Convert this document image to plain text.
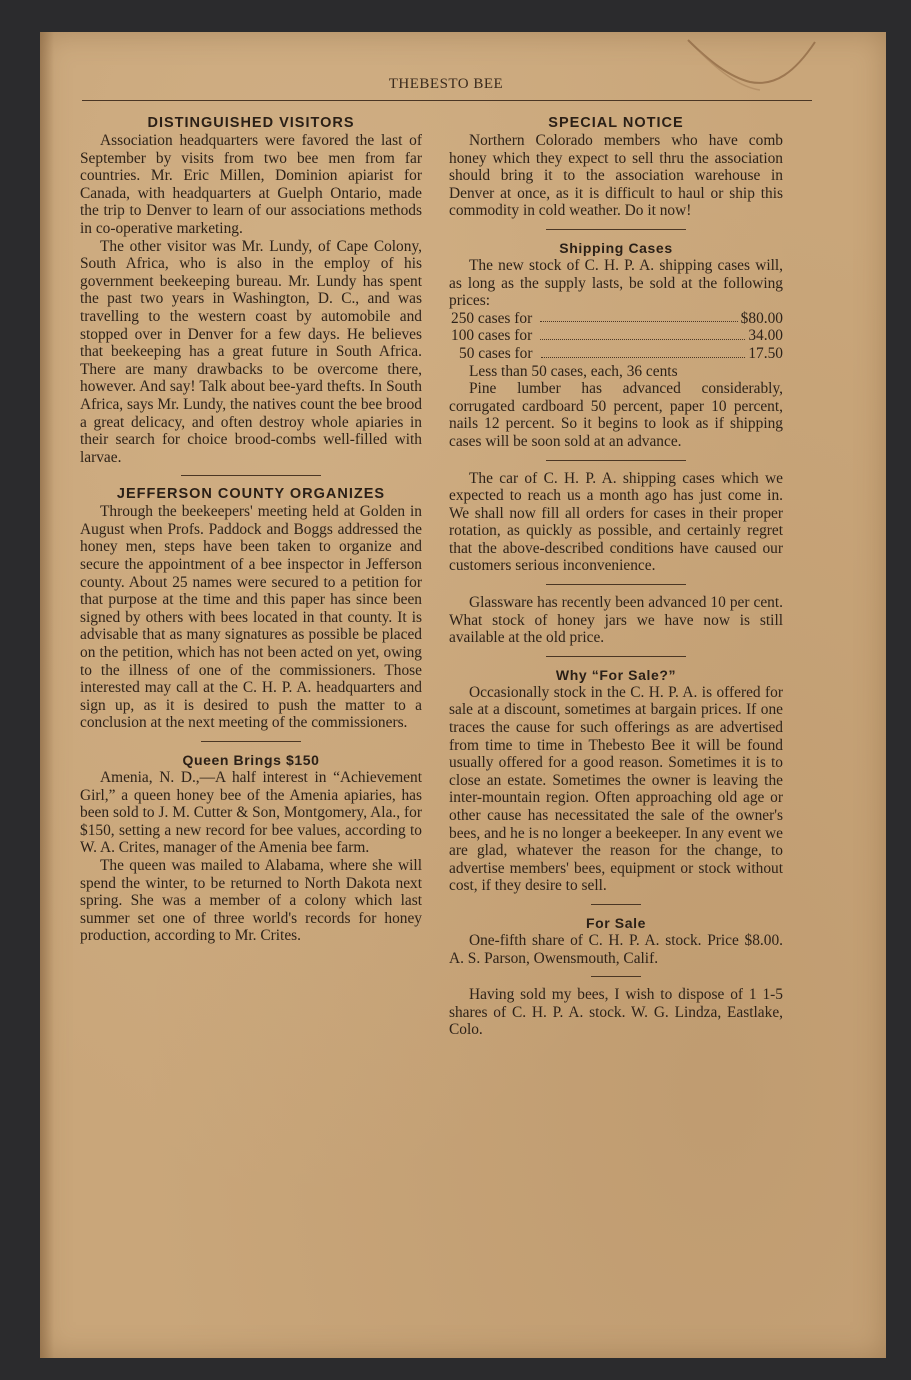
THEBESTO BEE
DISTINGUISHED VISITORS

Association headquarters were favored the last of September by visits from two bee men from far countries. Mr. Eric Millen, Dominion apiarist for Canada, with headquarters at Guelph Ontario, made the trip to Denver to learn of our associations methods in co-operative marketing.

The other visitor was Mr. Lundy, of Cape Colony, South Africa, who is also in the employ of his government beekeeping bureau. Mr. Lundy has spent the past two years in Washington, D. C., and was travelling to the western coast by automobile and stopped over in Denver for a few days. He believes that beekeeping has a great future in South Africa. There are many drawbacks to be overcome there, however. And say! Talk about bee-yard thefts. In South Africa, says Mr. Lundy, the natives count the bee brood a great delicacy, and often destroy whole apiaries in their search for choice brood-combs well-filled with larvae.

JEFFERSON COUNTY ORGANIZES

Through the beekeepers' meeting held at Golden in August when Profs. Paddock and Boggs addressed the honey men, steps have been taken to organize and secure the appointment of a bee inspector in Jefferson county. About 25 names were secured to a petition for that purpose at the time and this paper has since been signed by others with bees located in that county. It is advisable that as many signatures as possible be placed on the petition, which has not been acted on yet, owing to the illness of one of the commissioners. Those interested may call at the C. H. P. A. headquarters and sign up, as it is desired to push the matter to a conclusion at the next meeting of the commissioners.

Queen Brings $150

Amenia, N. D.,—A half interest in “Achievement Girl,” a queen honey bee of the Amenia apiaries, has been sold to J. M. Cutter & Son, Montgomery, Ala., for $150, setting a new record for bee values, according to W. A. Crites, manager of the Amenia bee farm.

The queen was mailed to Alabama, where she will spend the winter, to be returned to North Dakota next spring. She was a member of a colony which last summer set one of three world's records for honey production, according to Mr. Crites.

SPECIAL NOTICE

Northern Colorado members who have comb honey which they expect to sell thru the association should bring it to the association warehouse in Denver at once, as it is difficult to haul or ship this commodity in cold weather. Do it now!

Shipping Cases

The new stock of C. H. P. A. shipping cases will, as long as the supply lasts, be sold at the following prices:

250 cases for	$80.00
100 cases for	34.00
50 cases for	17.50

Less than 50 cases, each, 36 cents

Pine lumber has advanced considerably, corrugated cardboard 50 percent, paper 10 percent, nails 12 percent. So it begins to look as if shipping cases will be soon sold at an advance.

The car of C. H. P. A. shipping cases which we expected to reach us a month ago has just come in. We shall now fill all orders for cases in their proper rotation, as quickly as possible, and certainly regret that the above-described conditions have caused our customers serious inconvenience.

Glassware has recently been advanced 10 per cent. What stock of honey jars we have now is still available at the old price.

Why “For Sale?”

Occasionally stock in the C. H. P. A. is offered for sale at a discount, sometimes at bargain prices. If one traces the cause for such offerings as are advertised from time to time in Thebesto Bee it will be found usually offered for a good reason. Sometimes it is to close an estate. Sometimes the owner is leaving the inter-mountain region. Often approaching old age or other cause has necessitated the sale of the owner's bees, and he is no longer a beekeeper. In any event we are glad, whatever the reason for the change, to advertise members' bees, equipment or stock without cost, if they desire to sell.

For Sale

One-fifth share of C. H. P. A. stock. Price $8.00. A. S. Parson, Owensmouth, Calif.

Having sold my bees, I wish to dispose of 1 1-5 shares of C. H. P. A. stock. W. G. Lindza, Eastlake, Colo.
